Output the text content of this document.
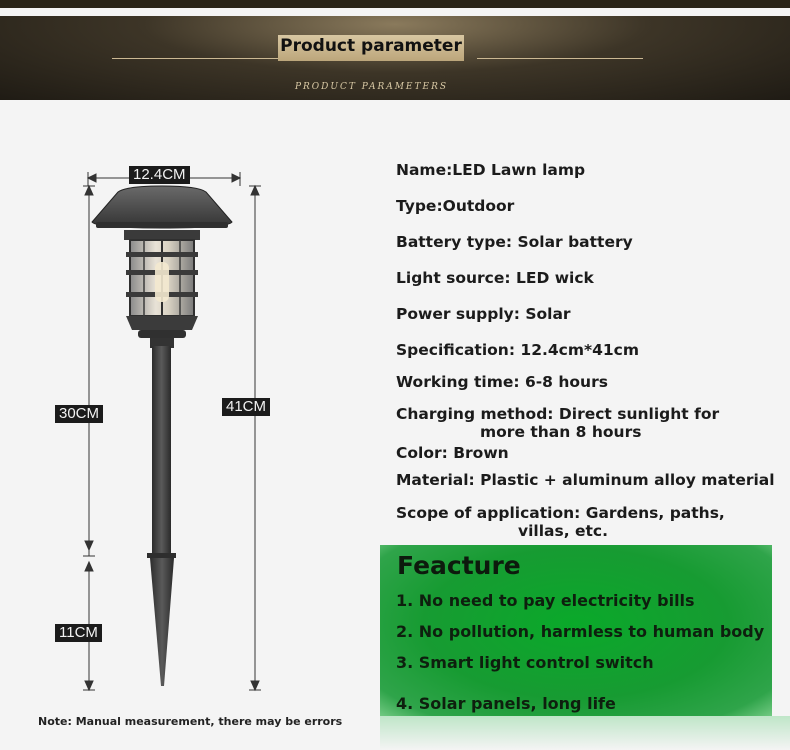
Product parameter
PRODUCT PARAMETERS
12.4CM
30CM	41CM
11CM
Note: Manual measurement, there may be errors
Name:LED Lawn lamp
Type:Outdoor
Battery type: Solar battery
Light source: LED wick
Power supply: Solar
Specification: 12.4cm*41cm
Working time: 6-8 hours
Charging method: Direct sunlight for
more than 8 hours
Color: Brown
Material: Plastic + aluminum alloy material
Scope of application: Gardens, paths,
villas, etc.
Feacture
1. No need to pay electricity bills
2. No pollution, harmless to human body
3. Smart light control switch
4. Solar panels, long life
